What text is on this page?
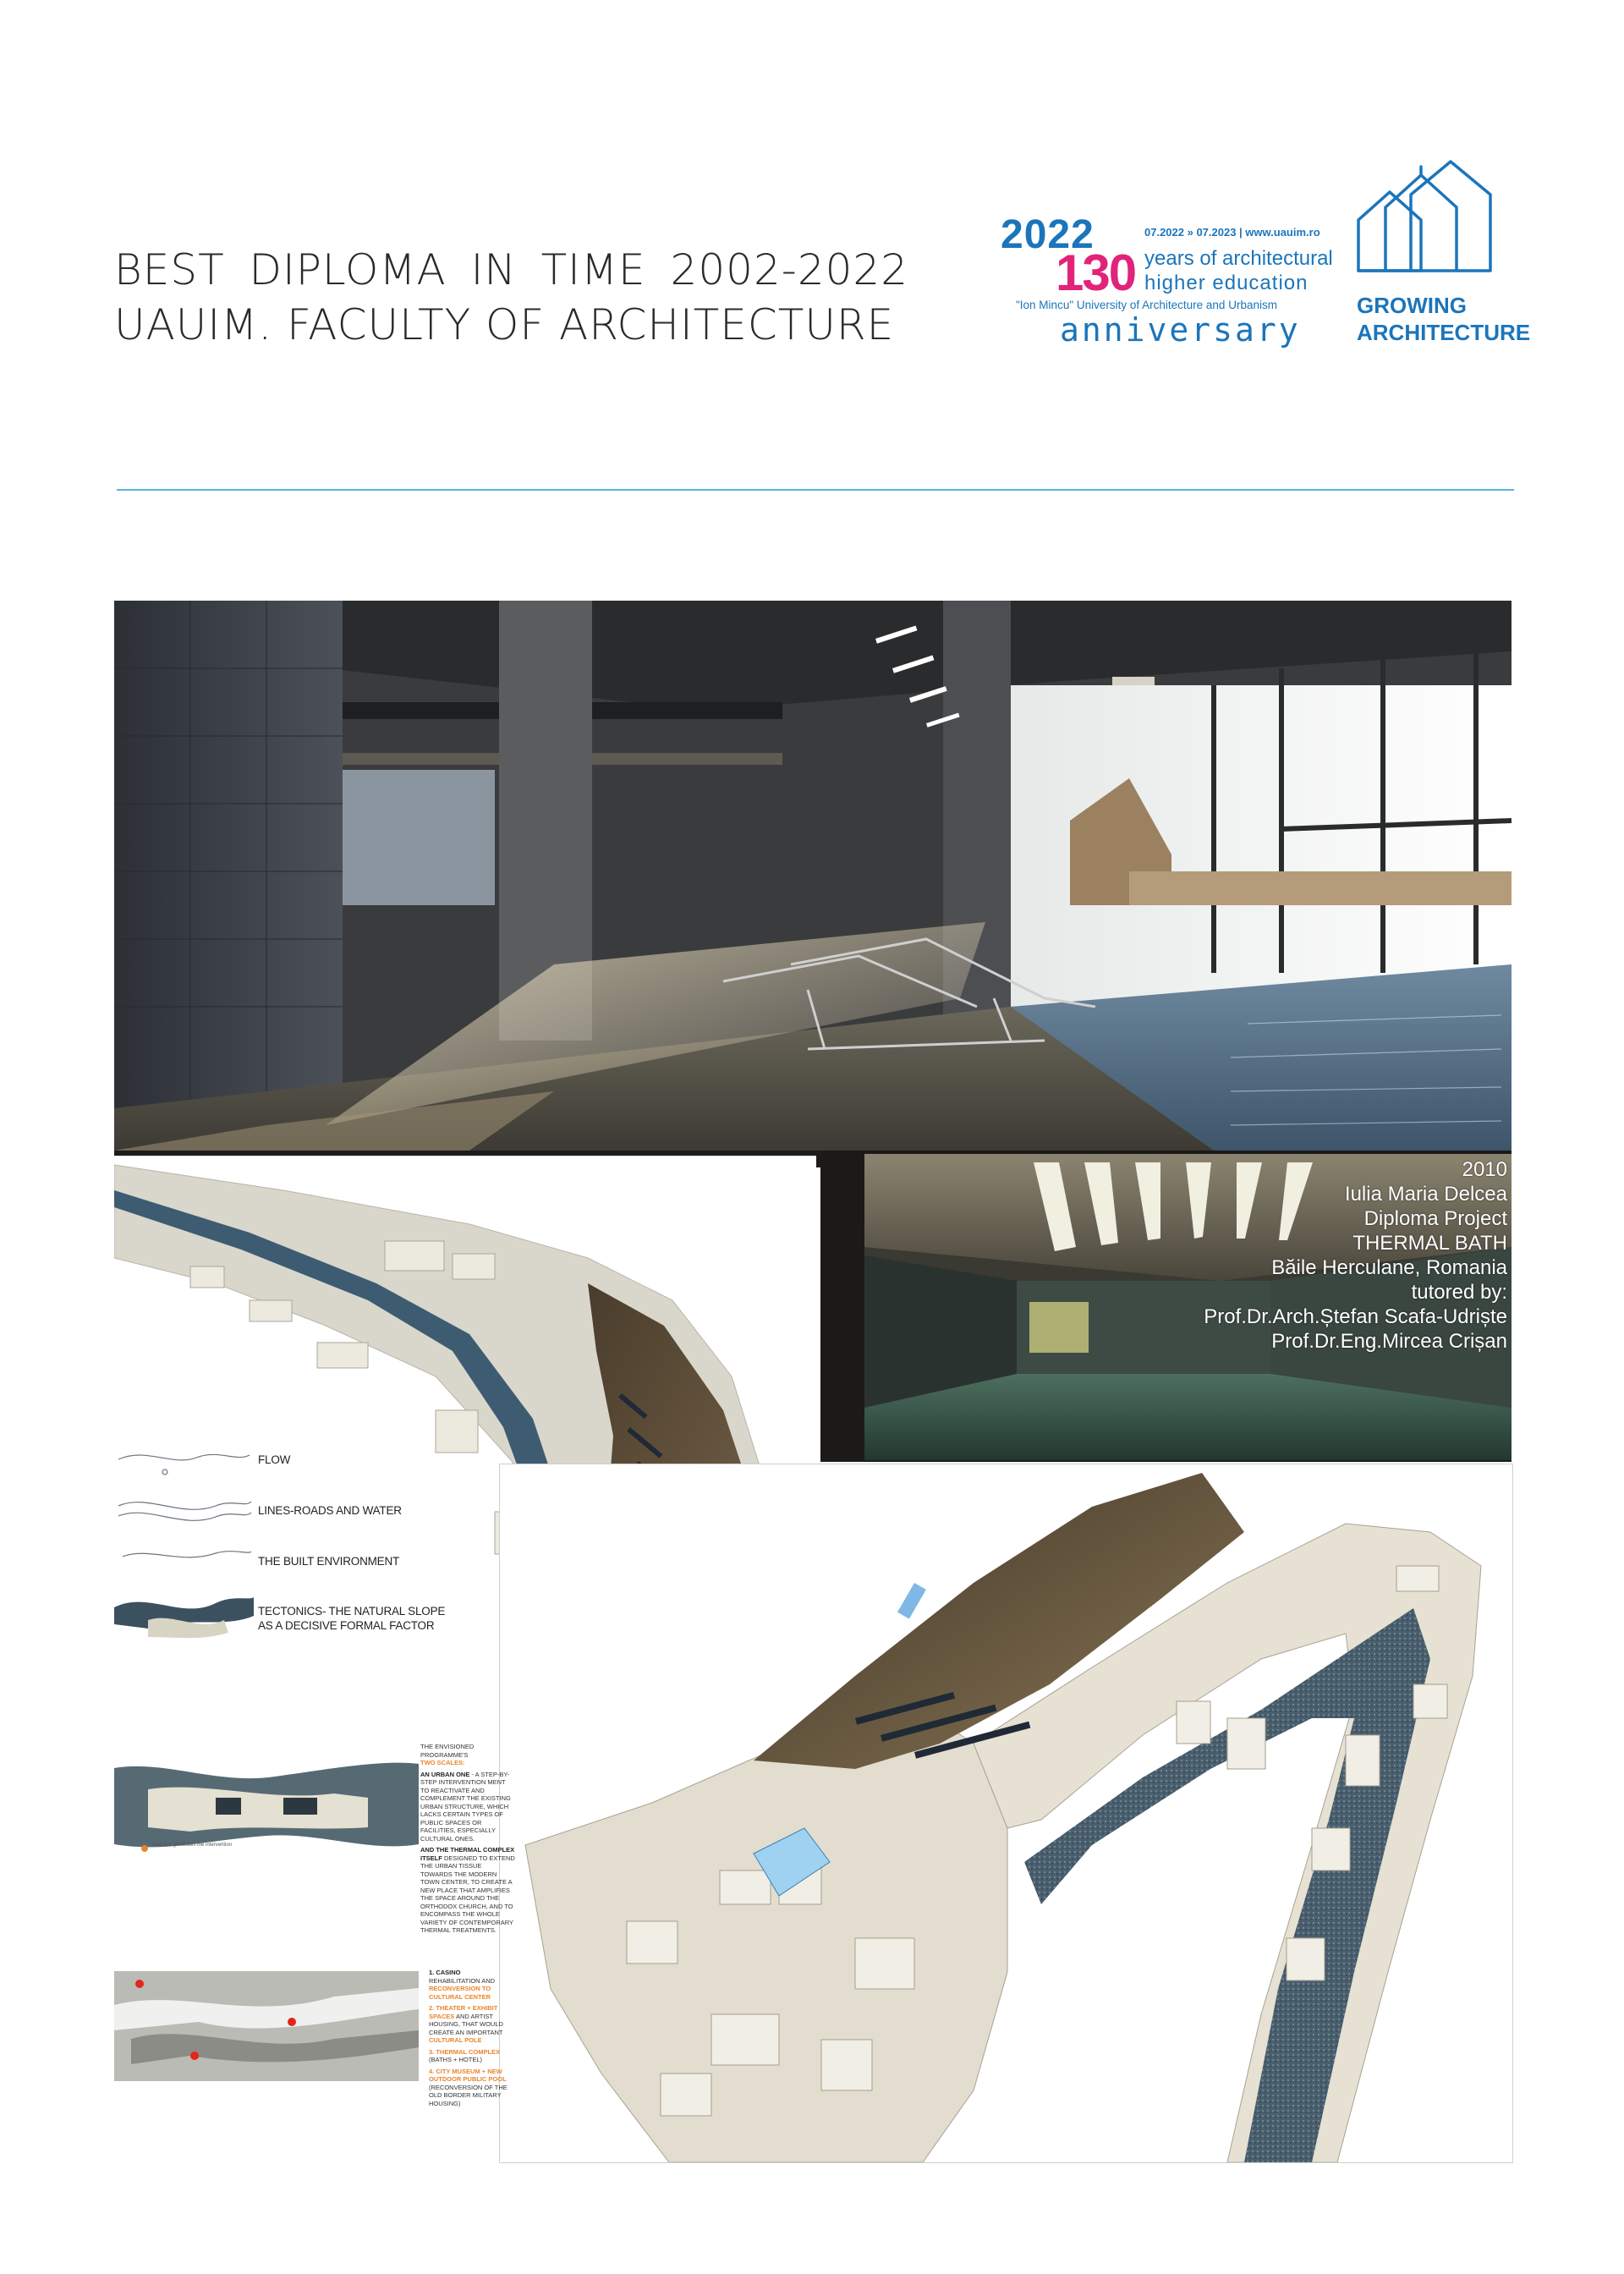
BEST DIPLOMA IN TIME 2002-2022
UAUIM. FACULTY OF ARCHITECTURE
2022
130
07.2022 » 07.2023 | www.uauim.ro
years of architectural
higher education
"Ion Mincu" University of Architecture and Urbanism
anniversary
GROWING
ARCHITECTURE
FLOW
LINES-ROADS AND WATER
THE BUILT ENVIRONMENT
TECTONICS- THE NATURAL SLOPE
AS A DECISIVE FORMAL FACTOR
2010
Iulia Maria Delcea
Diploma Project
THERMAL BATH
Băile Herculane, Romania
tutored by:
Prof.Dr.Arch.Ștefan Scafa-Udriște
Prof.Dr.Eng.Mircea Crișan
Axis that generates the intervention
THE ENVISIONED PROGRAMME'S
TWO SCALES:
AN URBAN ONE - A STEP-BY-STEP INTERVENTION MENT TO REACTIVATE AND COMPLEMENT THE EXISTING URBAN STRUCTURE, WHICH LACKS CERTAIN TYPES OF PUBLIC SPACES OR FACILITIES, ESPECIALLY CULTURAL ONES.
AND THE THERMAL COMPLEX ITSELF DESIGNED TO EXTEND THE URBAN TISSUE TOWARDS THE MODERN TOWN CENTER, TO CREATE A NEW PLACE THAT AMPLIFIES THE SPACE AROUND THE ORTHODOX CHURCH, AND TO ENCOMPASS THE WHOLE VARIETY OF CONTEMPORARY THERMAL TREATMENTS.
1. CASINO REHABILITATION AND RECONVERSION TO CULTURAL CENTER
2. THEATER + EXHIBIT SPACES AND ARTIST HOUSING, THAT WOULD CREATE AN IMPORTANT CULTURAL POLE
3. THERMAL COMPLEX (BATHS + HOTEL)
4. CITY MUSEUM + NEW OUTDOOR PUBLIC POOL (RECONVERSION OF THE OLD BORDER MILITARY HOUSING)
